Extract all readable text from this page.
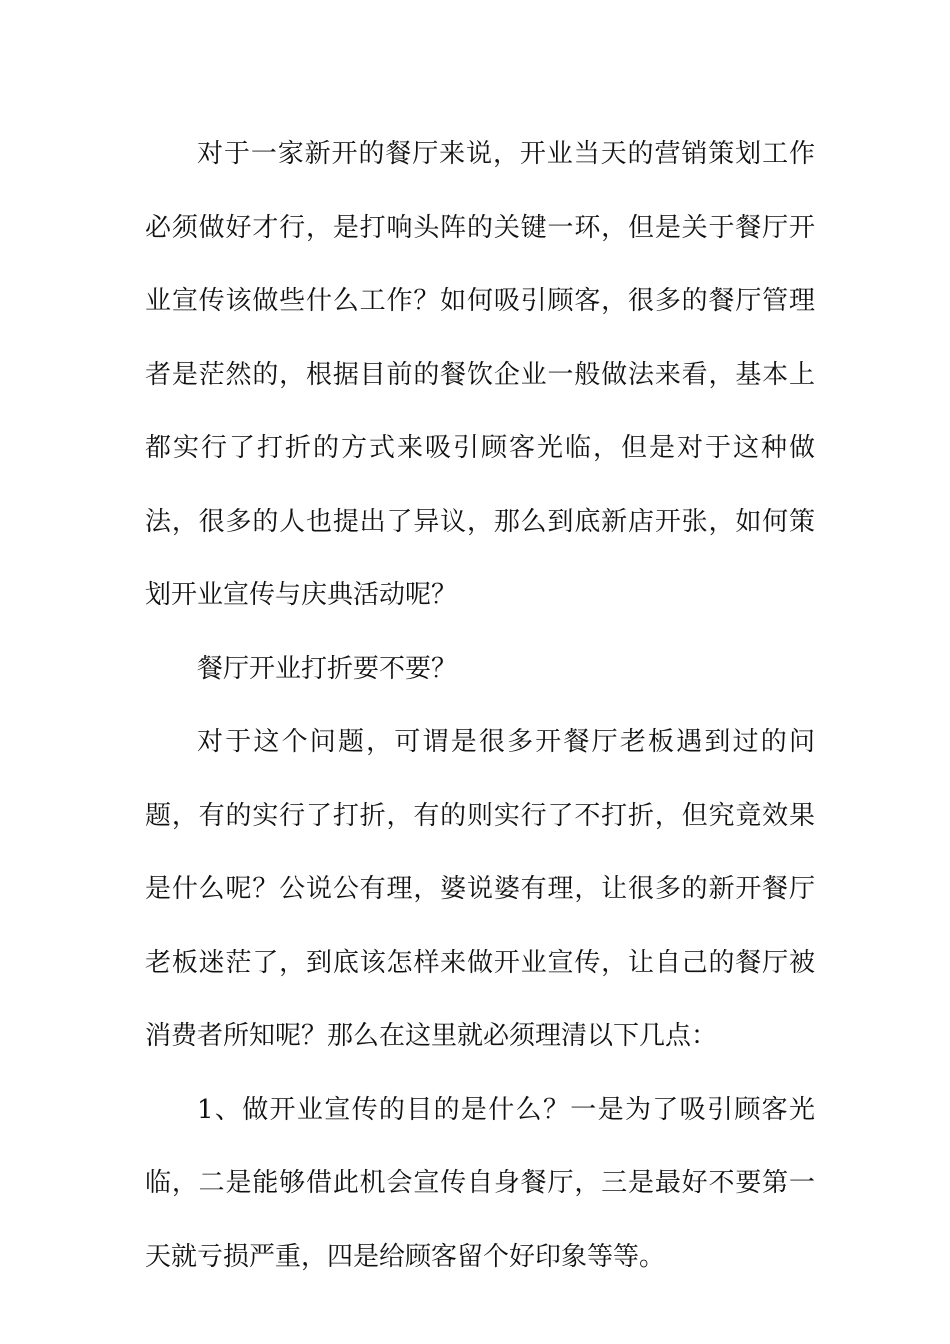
对于一家新开的餐厅来说，开业当天的营销策划工作必须做好才行，是打响头阵的关键一环，但是关于餐厅开业宣传该做些什么工作？如何吸引顾客，很多的餐厅管理者是茫然的，根据目前的餐饮企业一般做法来看，基本上都实行了打折的方式来吸引顾客光临，但是对于这种做法，很多的人也提出了异议，那么到底新店开张，如何策划开业宣传与庆典活动呢？

餐厅开业打折要不要？

对于这个问题，可谓是很多开餐厅老板遇到过的问题，有的实行了打折，有的则实行了不打折，但究竟效果是什么呢？公说公有理，婆说婆有理，让很多的新开餐厅老板迷茫了，到底该怎样来做开业宣传，让自己的餐厅被消费者所知呢？那么在这里就必须理清以下几点：

1、做开业宣传的目的是什么？一是为了吸引顾客光临，二是能够借此机会宣传自身餐厅，三是最好不要第一天就亏损严重，四是给顾客留个好印象等等。
